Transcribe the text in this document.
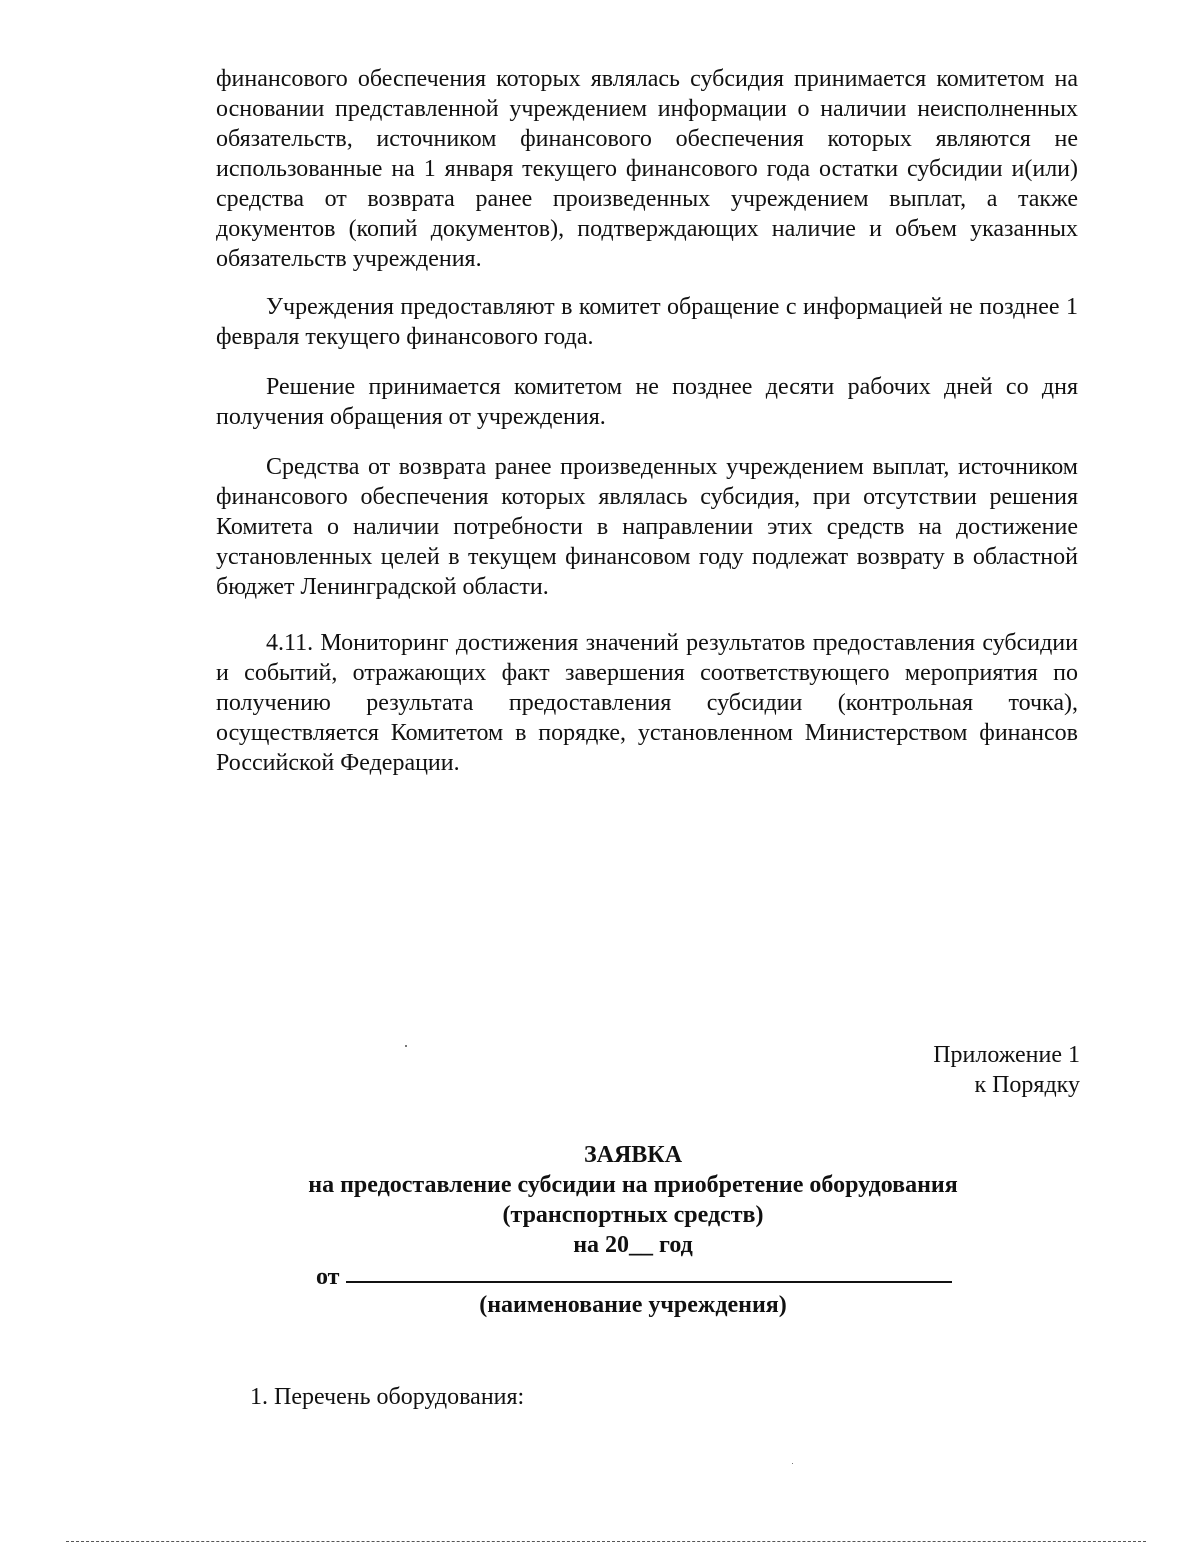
финансового обеспечения которых являлась субсидия принимается комитетом на основании представленной учреждением информации о наличии неисполненных обязательств, источником финансового обеспечения которых являются не использованные на 1 января текущего финансового года остатки субсидии и(или) средства от возврата ранее произведенных учреждением выплат, а также документов (копий документов), подтверждающих наличие и объем указанных обязательств учреждения.

Учреждения предоставляют в комитет обращение с информацией не позднее 1 февраля текущего финансового года.

Решение принимается комитетом не позднее десяти рабочих дней со дня получения обращения от учреждения.

Средства от возврата ранее произведенных учреждением выплат, источником финансового обеспечения которых являлась субсидия, при отсутствии решения Комитета о наличии потребности в направлении этих средств на достижение установленных целей в текущем финансовом году подлежат возврату в областной бюджет Ленинградской области.

4.11. Мониторинг достижения значений результатов предоставления субсидии и событий, отражающих факт завершения соответствующего мероприятия по получению результата предоставления субсидии (контрольная точка), осуществляется Комитетом в порядке, установленном Министерством финансов Российской Федерации.

Приложение 1
к Порядку
ЗАЯВКА
на предоставление субсидии на приобретение оборудования
(транспортных средств)
на 20__ год
от
(наименование учреждения)
1. Перечень оборудования:
